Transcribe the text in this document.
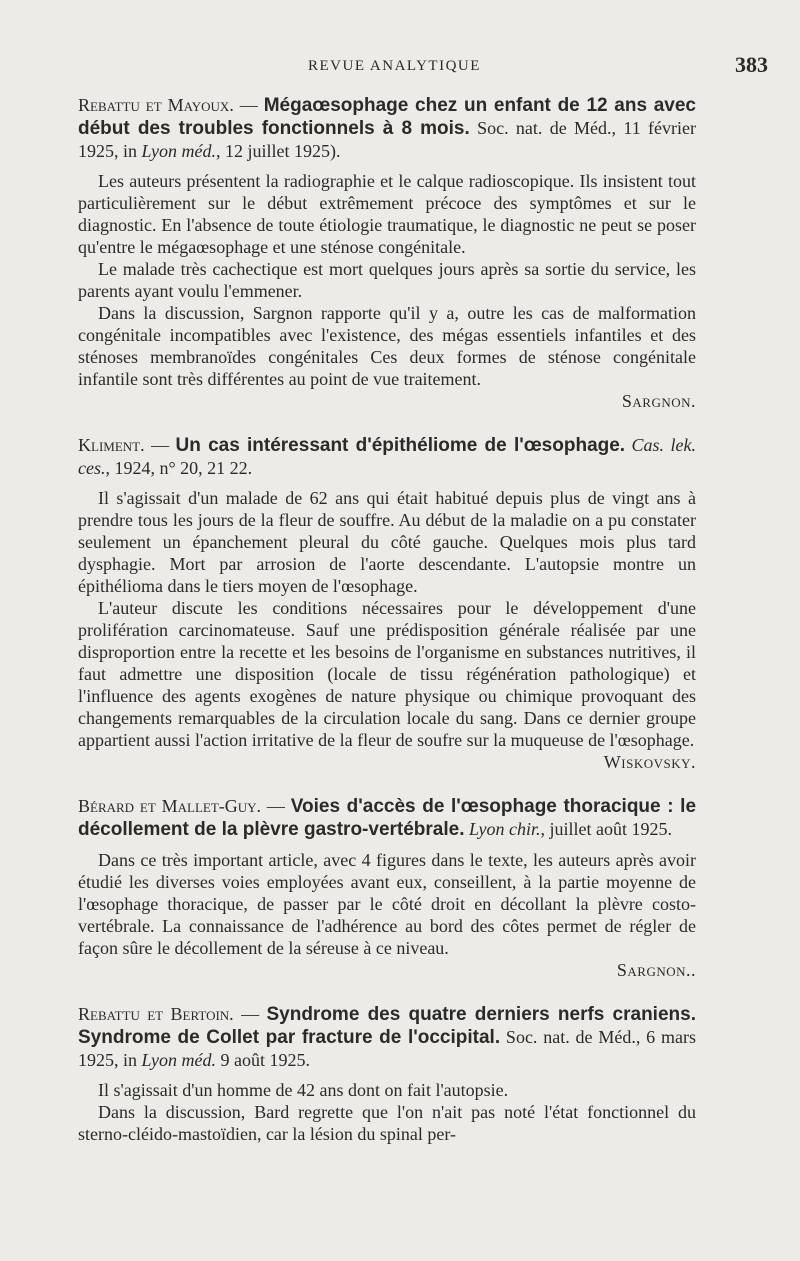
REVUE ANALYTIQUE	383

Rebattu et Mayoux. — Mégaœsophage chez un enfant de 12 ans avec début des troubles fonctionnels à 8 mois. Soc. nat. de Méd., 11 février 1925, in Lyon méd., 12 juillet 1925).

Les auteurs présentent la radiographie et le calque radioscopique. Ils insistent tout particulièrement sur le début extrêmement précoce des symptômes et sur le diagnostic. En l'absence de toute étiologie traumatique, le diagnostic ne peut se poser qu'entre le mégaœsophage et une sténose congénitale.

Le malade très cachectique est mort quelques jours après sa sortie du service, les parents ayant voulu l'emmener.

Dans la discussion, Sargnon rapporte qu'il y a, outre les cas de malformation congénitale incompatibles avec l'existence, des mégas essentiels infantiles et des sténoses membranoïdes congénitales Ces deux formes de sténose congénitale infantile sont très différentes au point de vue traitement.

Sargnon.

Kliment. — Un cas intéressant d'épithéliome de l'œsophage. Cas. lek. ces., 1924, n° 20, 21 22.

Il s'agissait d'un malade de 62 ans qui était habitué depuis plus de vingt ans à prendre tous les jours de la fleur de souffre. Au début de la maladie on a pu constater seulement un épanchement pleural du côté gauche. Quelques mois plus tard dysphagie. Mort par arrosion de l'aorte descendante. L'autopsie montre un épithélioma dans le tiers moyen de l'œsophage.

L'auteur discute les conditions nécessaires pour le développement d'une prolifération carcinomateuse. Sauf une prédisposition générale réalisée par une disproportion entre la recette et les besoins de l'organisme en substances nutritives, il faut admettre une disposition (locale de tissu régénération pathologique) et l'influence des agents exogènes de nature physique ou chimique provoquant des changements remarquables de la circulation locale du sang. Dans ce dernier groupe appartient aussi l'action irritative de la fleur de soufre sur la muqueuse de l'œsophage.

Wiskovsky.

Bérard et Mallet-Guy. — Voies d'accès de l'œsophage thoracique : le décollement de la plèvre gastro-vertébrale. Lyon chir., juillet août 1925.

Dans ce très important article, avec 4 figures dans le texte, les auteurs après avoir étudié les diverses voies employées avant eux, conseillent, à la partie moyenne de l'œsophage thoracique, de passer par le côté droit en décollant la plèvre costo-vertébrale. La connaissance de l'adhérence au bord des côtes permet de régler de façon sûre le décollement de la séreuse à ce niveau.

Sargnon..

Rebattu et Bertoin. — Syndrome des quatre derniers nerfs craniens. Syndrome de Collet par fracture de l'occipital. Soc. nat. de Méd., 6 mars 1925, in Lyon méd. 9 août 1925.

Il s'agissait d'un homme de 42 ans dont on fait l'autopsie.

Dans la discussion, Bard regrette que l'on n'ait pas noté l'état fonctionnel du sterno-cléido-mastoïdien, car la lésion du spinal per-
